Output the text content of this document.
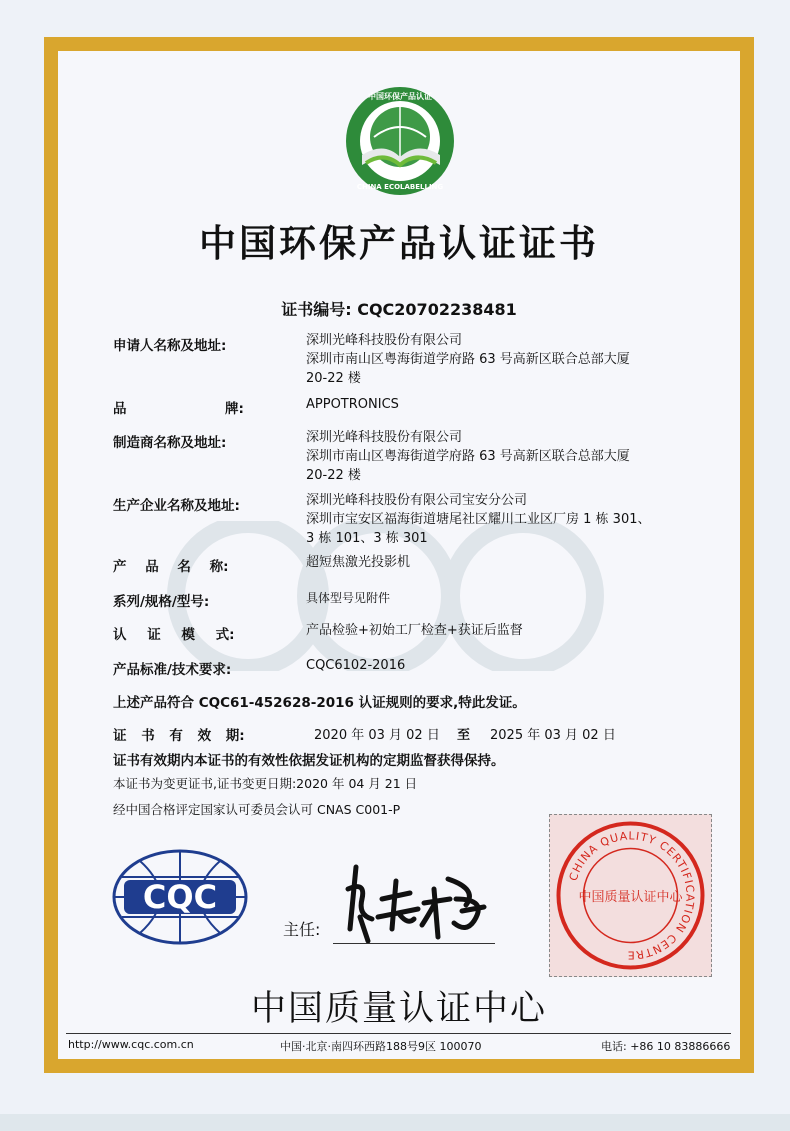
中国环保产品认证
CHINA ECOLABELLING
中国环保产品认证证书
证书编号: CQC20702238481
申请人名称及地址:	深圳光峰科技股份有限公司
深圳市南山区粤海街道学府路 63 号高新区联合总部大厦
20-22 楼
品	牌:	APPOTRONICS
制造商名称及地址:	深圳光峰科技股份有限公司
深圳市南山区粤海街道学府路 63 号高新区联合总部大厦
20-22 楼
生产企业名称及地址:	深圳光峰科技股份有限公司宝安分公司
深圳市宝安区福海街道塘尾社区耀川工业区厂房 1 栋 301、
3 栋 101、3 栋 301
产 品 名 称:	超短焦激光投影机
系列/规格/型号:	具体型号见附件
认 证 模 式:	产品检验+初始工厂检查+获证后监督
产品标准/技术要求:	CQC6102-2016
上述产品符合 CQC61-452628-2016 认证规则的要求,特此发证。
证 书 有 效 期:	2020 年 03 月 02 日 至 2025 年 03 月 02 日
证书有效期内本证书的有效性依据发证机构的定期监督获得保持。
本证书为变更证书,证书变更日期:2020 年 04 月 21 日
经中国合格评定国家认可委员会认可 CNAS C001-P
CQC
主任:
CHINA QUALITY CERTIFICATION CENTRE
中国质量认证中心
中国质量认证中心
http://www.cqc.com.cn	中国·北京·南四环西路188号9区 100070	电话: +86 10 83886666
